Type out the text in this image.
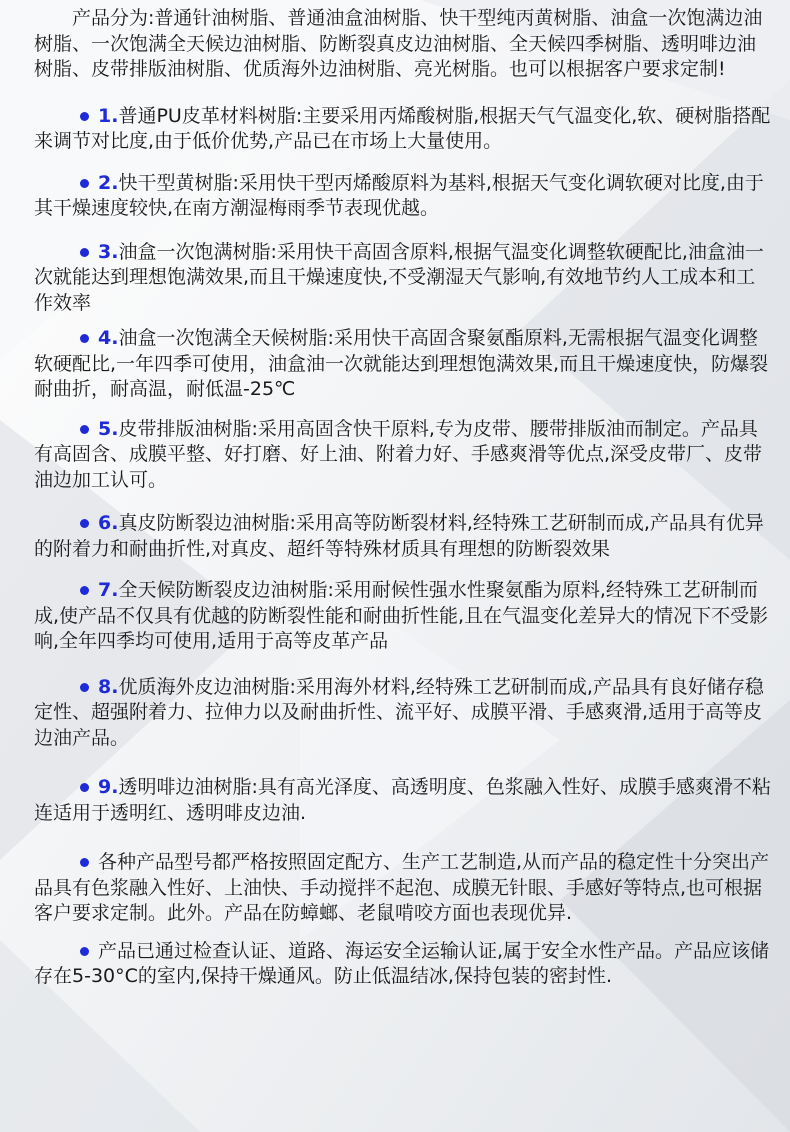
产品分为:普通针油树脂、普通油盒油树脂、快干型纯丙黄树脂、油盒一次饱满边油树脂、一次饱满全天候边油树脂、防断裂真皮边油树脂、全天候四季树脂、透明啡边油树脂、皮带排版油树脂、优质海外边油树脂、亮光树脂。也可以根据客户要求定制!

1.普通PU皮革材料树脂:主要采用丙烯酸树脂,根据天气气温变化,软、硬树脂搭配来调节对比度,由于低价优势,产品已在市场上大量使用。

2.快干型黄树脂:采用快干型丙烯酸原料为基料,根据天气变化调软硬对比度,由于其干燥速度较快,在南方潮湿梅雨季节表现优越。

3.油盒一次饱满树脂:采用快干高固含原料,根据气温变化调整软硬配比,油盒油一次就能达到理想饱满效果,而且干燥速度快,不受潮湿天气影响,有效地节约人工成本和工作效率

4.油盒一次饱满全天候树脂:采用快干高固含聚氨酯原料,无需根据气温变化调整软硬配比,一年四季可使用，油盒油一次就能达到理想饱满效果,而且干燥速度快，防爆裂耐曲折，耐高温，耐低温-25℃

5.皮带排版油树脂:采用高固含快干原料,专为皮带、腰带排版油而制定。产品具有高固含、成膜平整、好打磨、好上油、附着力好、手感爽滑等优点,深受皮带厂、皮带油边加工认可。

6.真皮防断裂边油树脂:采用高等防断裂材料,经特殊工艺研制而成,产品具有优异的附着力和耐曲折性,对真皮、超纤等特殊材质具有理想的防断裂效果

7.全天候防断裂皮边油树脂:采用耐候性强水性聚氨酯为原料,经特殊工艺研制而成,使产品不仅具有优越的防断裂性能和耐曲折性能,且在气温变化差异大的情况下不受影响,全年四季均可使用,适用于高等皮革产品

8.优质海外皮边油树脂:采用海外材料,经特殊工艺研制而成,产品具有良好储存稳定性、超强附着力、拉伸力以及耐曲折性、流平好、成膜平滑、手感爽滑,适用于高等皮边油产品。

9.透明啡边油树脂:具有高光泽度、高透明度、色浆融入性好、成膜手感爽滑不粘连适用于透明红、透明啡皮边油.

各种产品型号都严格按照固定配方、生产工艺制造,从而产品的稳定性十分突出产品具有色浆融入性好、上油快、手动搅拌不起泡、成膜无针眼、手感好等特点,也可根据客户要求定制。此外。产品在防蟑螂、老鼠啃咬方面也表现优异.

产品已通过检查认证、道路、海运安全运输认证,属于安全水性产品。产品应该储存在5-30°C的室内,保持干燥通风。防止低温结冰,保持包装的密封性.
